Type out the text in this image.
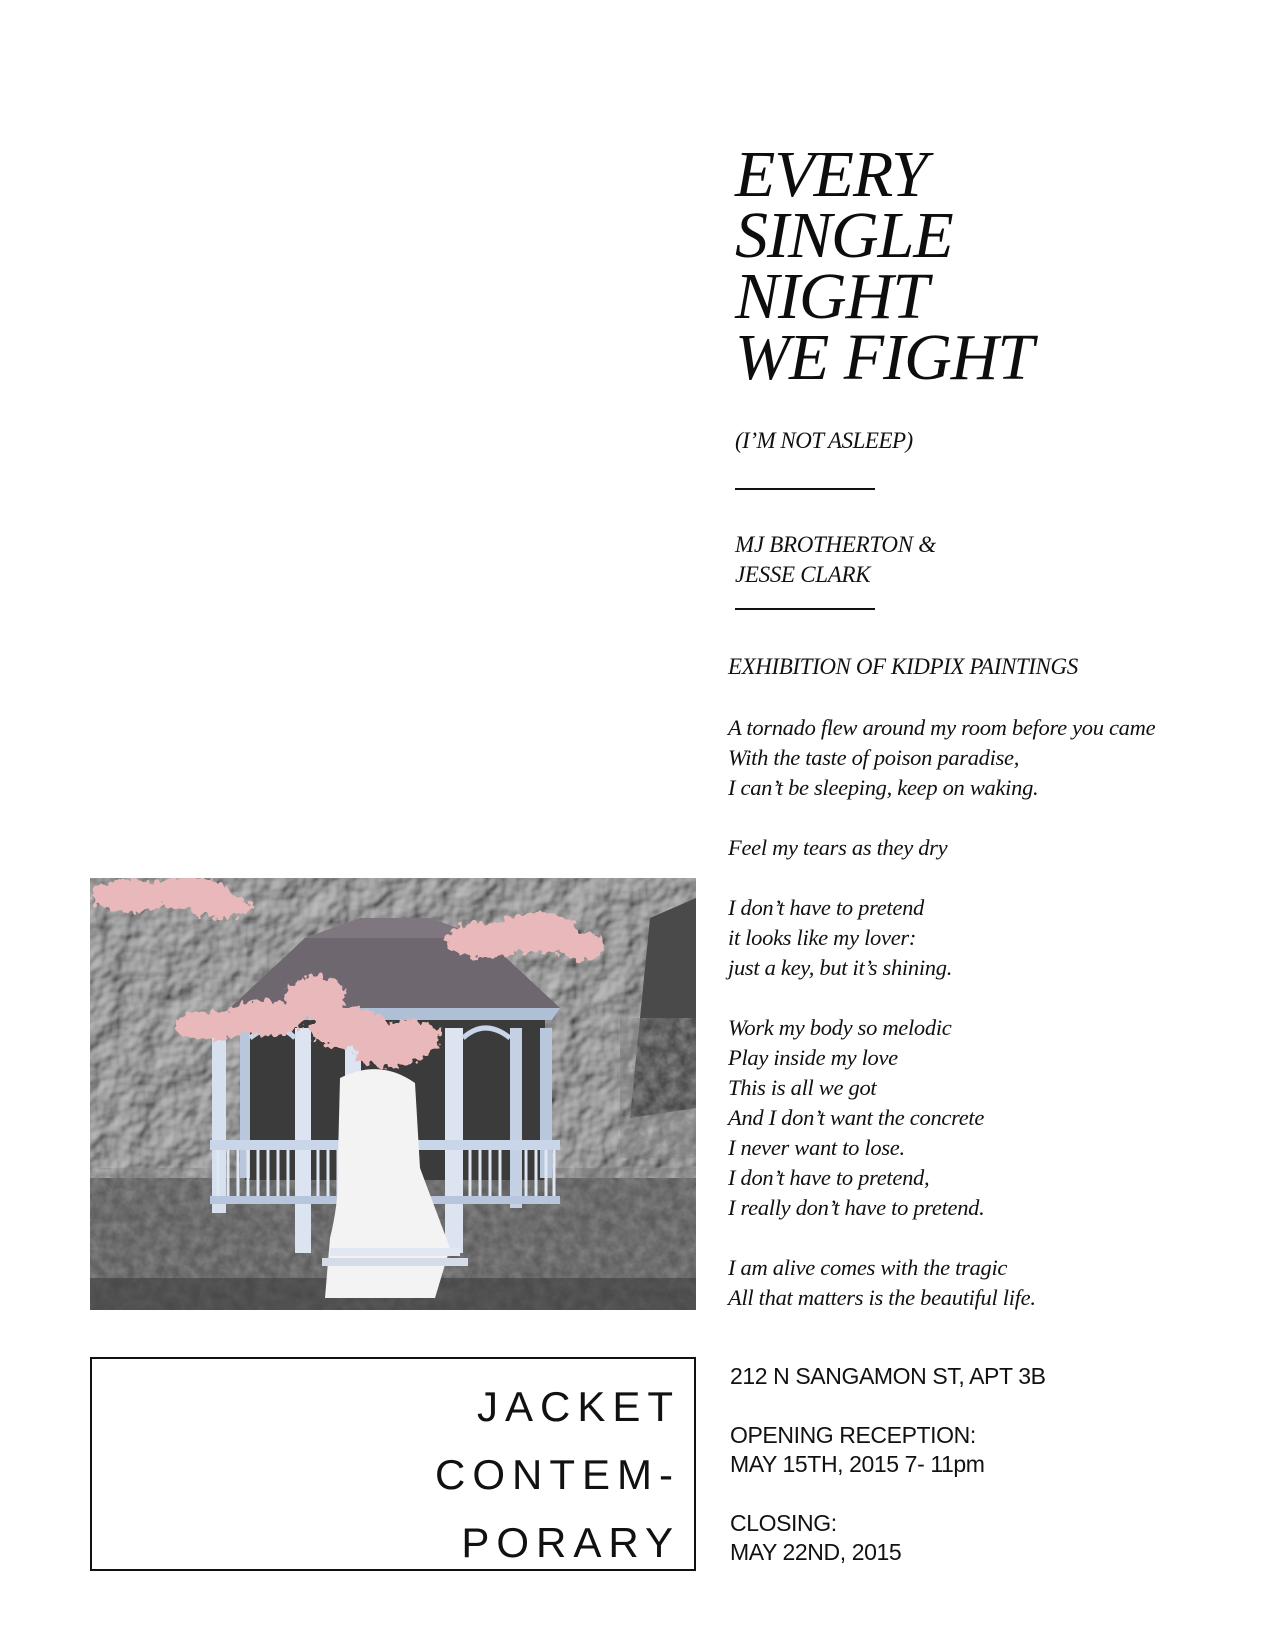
EVERY
SINGLE
NIGHT
WE FIGHT
(I’M NOT ASLEEP)
MJ BROTHERTON &
JESSE CLARK
EXHIBITION OF KIDPIX PAINTINGS
A tornado flew around my room before you came
With the taste of poison paradise,
I can’t be sleeping, keep on waking.
Feel my tears as they dry
I don’t have to pretend
it looks like my lover:
just a key, but it’s shining.
Work my body so melodic
Play inside my love
This is all we got
And I don’t want the concrete
I never want to lose.
I don’t have to pretend,
I really don’t have to pretend.
I am alive comes with the tragic
All that matters is the beautiful life.
JACKET
CONTEM-
PORARY
212 N SANGAMON ST, APT 3B
OPENING RECEPTION:
MAY 15TH, 2015 7- 11pm
CLOSING:
MAY 22ND, 2015
